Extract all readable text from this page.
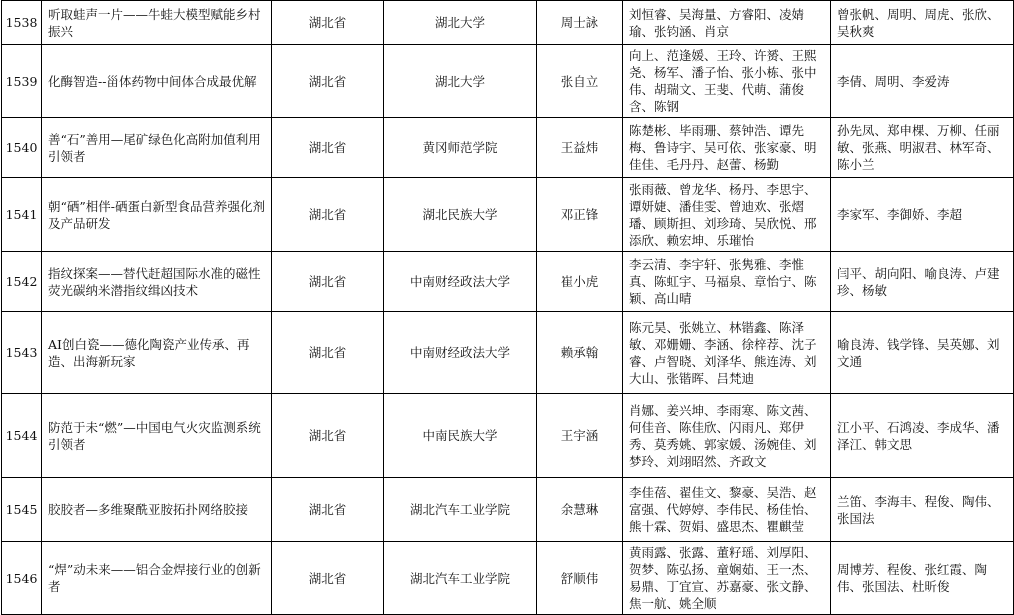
1538	听取蛙声一片——牛蛙大模型赋能乡村振兴	湖北省	湖北大学	周士詠	刘恒睿、吴海量、方睿阳、凌婧瑜、张钧涵、肖京	曾张帆、周明、周虎、张欣、吴秋爽
1539	化酶智造--甾体药物中间体合成最优解	湖北省	湖北大学	张自立	向上、范逢媛、王玲、许赟、王熙尧、杨军、潘子怡、张小栋、张中伟、胡瑞文、王斐、代萌、蒲俊含、陈钢	李倩、周明、李爱涛
1540	善“石”善用—尾矿绿色化高附加值利用引领者	湖北省	黄冈师范学院	王益炜	陈楚彬、毕雨珊、蔡钟浩、谭先梅、鲁诗宇、吴可依、张家豪、明佳佳、毛丹丹、赵蕾、杨勤	孙先凤、郑申棵、万柳、任丽敏、张燕、明淑君、林军奇、陈小兰
1541	朝“硒”相伴-硒蛋白新型食品营养强化剂及产品研发	湖北省	湖北民族大学	邓正锋	张雨薇、曾龙华、杨丹、李思宇、谭妍婕、潘佳雯、曾迪欢、张熠璠、顾斯担、刘珍琦、吴欣悦、邢添欣、赖宏坤、乐璀怡	李家军、李御娇、李超
1542	指纹探案——替代赶超国际水准的磁性荧光碳纳米潜指纹缉凶技术	湖北省	中南财经政法大学	崔小虎	李云清、李宇轩、张隽雅、李惟真、陈虹宇、马福泉、章怡宁、陈颖、高山晴	闫平、胡向阳、喻良涛、卢建珍、杨敏
1543	AI创白瓷——德化陶瓷产业传承、再造、出海新玩家	湖北省	中南财经政法大学	赖承翰	陈元昊、张姚立、林锴鑫、陈泽敏、邓姗姗、李涵、徐梓荐、沈子睿、卢智晓、刘泽华、熊连涛、刘大山、张锴晖、吕梵迪	喻良涛、钱学锋、吴英娜、刘文通
1544	防范于未“燃”—中国电气火灾监测系统引领者	湖北省	中南民族大学	王宇涵	肖娜、姜兴坤、李雨寒、陈文茜、何佳音、陈佳欣、闪雨凡、郑伊秀、莫秀姚、郭家媛、汤婉佳、刘梦玲、刘翊昭然、齐政文	江小平、石鸿凌、李成华、潘泽江、韩文思
1545	胶胶者—多维聚酰亚胺拓扑网络胶接	湖北省	湖北汽车工业学院	余慧琳	李佳蓓、翟佳文、黎豪、吴浩、赵富强、代婷婷、李伟民、杨佳怡、熊十霖、贺娟、盛思杰、瞿麒莹	兰笛、李海丰、程俊、陶伟、张国法
1546	“焊”动未来——铝合金焊接行业的创新者	湖北省	湖北汽车工业学院	舒顺伟	黄雨露、张露、董籽瑶、刘厚阳、贺梦、陈弘扬、童娴茹、王一杰、易鼎、丁宜宣、苏嘉豪、张文静、焦一航、姚全顺	周博芳、程俊、张红霞、陶伟、张国法、杜昕俊
